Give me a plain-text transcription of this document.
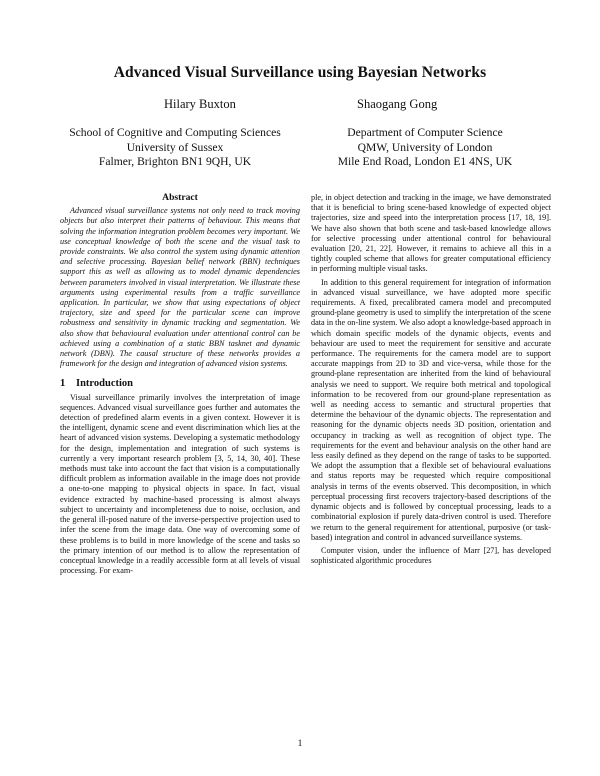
Advanced Visual Surveillance using Bayesian Networks
Hilary Buxton	Shaogang Gong
School of Cognitive and Computing Sciences
University of Sussex
Falmer, Brighton BN1 9QH, UK
Department of Computer Science
QMW, University of London
Mile End Road, London E1 4NS, UK
Abstract

Advanced visual surveillance systems not only need to track moving objects but also interpret their patterns of behaviour. This means that solving the information integration problem becomes very important. We use conceptual knowledge of both the scene and the visual task to provide constraints. We also control the system using dynamic attention and selective processing. Bayesian belief network (BBN) techniques support this as well as allowing us to model dynamic dependencies between parameters involved in visual interpretation. We illustrate these arguments using experimental results from a traffic surveillance application. In particular, we show that using expectations of object trajectory, size and speed for the particular scene can improve robustness and sensitivity in dynamic tracking and segmentation. We also show that behavioural evaluation under attentional control can be achieved using a combination of a static BBN tasknet and dynamic network (DBN). The causal structure of these networks provides a framework for the design and integration of advanced vision systems.

1 Introduction

Visual surveillance primarily involves the interpretation of image sequences. Advanced visual surveillance goes further and automates the detection of predefined alarm events in a given context. However it is the intelligent, dynamic scene and event discrimination which lies at the heart of advanced vision systems. Developing a systematic methodology for the design, implementation and integration of such systems is currently a very important research problem [3, 5, 14, 30, 40]. These methods must take into account the fact that vision is a computationally difficult problem as information available in the image does not provide a one-to-one mapping to physical objects in space. In fact, visual evidence extracted by machine-based processing is almost always subject to uncertainty and incompleteness due to noise, occlusion, and the general ill-posed nature of the inverse-perspective projection used to infer the scene from the image data. One way of overcoming some of these problems is to build in more knowledge of the scene and tasks so the primary intention of our method is to allow the representation of conceptual knowledge in a readily accessible form at all levels of visual processing. For exam-

ple, in object detection and tracking in the image, we have demonstrated that it is beneficial to bring scene-based knowledge of expected object trajectories, size and speed into the interpretation process [17, 18, 19]. We have also shown that both scene and task-based knowledge allows for selective processing under attentional control for behavioural evaluation [20, 21, 22]. However, it remains to achieve all this in a tightly coupled scheme that allows for greater computational efficiency in performing multiple visual tasks.

In addition to this general requirement for integration of information in advanced visual surveillance, we have adopted more specific requirements. A fixed, precalibrated camera model and precomputed ground-plane geometry is used to simplify the interpretation of the scene data in the on-line system. We also adopt a knowledge-based approach in which domain specific models of the dynamic objects, events and behaviour are used to meet the requirement for sensitive and accurate performance. The requirements for the camera model are to support accurate mappings from 2D to 3D and vice-versa, while those for the ground-plane representation are inherited from the kind of behavioural analysis we need to support. We require both metrical and topological information to be recovered from our ground-plane representation as well as needing access to semantic and structural properties that determine the behaviour of the dynamic objects. The representation and reasoning for the dynamic objects needs 3D position, orientation and occupancy in tracking as well as recognition of object type. The requirements for the event and behaviour analysis on the other hand are less easily defined as they depend on the range of tasks to be supported. We adopt the assumption that a flexible set of behavioural evaluations and status reports may be requested which require compositional analysis in terms of the events observed. This decomposition, in which perceptual processing first recovers trajectory-based descriptions of the dynamic objects and is followed by conceptual processing, leads to a combinatorial explosion if purely data-driven control is used. Therefore we return to the general requirement for attentional, purposive (or task-based) integration and control in advanced surveillance systems.

Computer vision, under the influence of Marr [27], has developed sophisticated algorithmic procedures

1
